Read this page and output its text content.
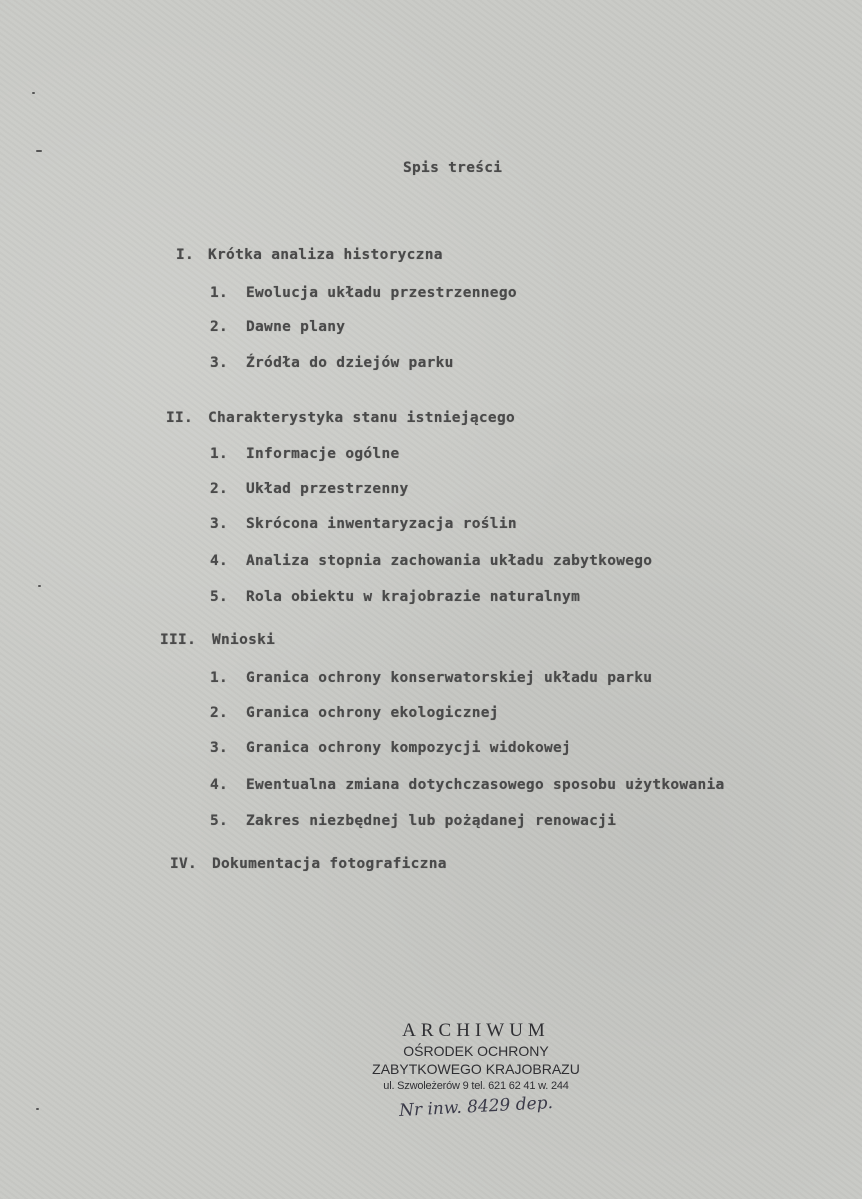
Spis treści
I. Krótka analiza historyczna
1. Ewolucja układu przestrzennego
2. Dawne plany
3. Źródła do dziejów parku
II. Charakterystyka stanu istniejącego
1. Informacje ogólne
2. Układ przestrzenny
3. Skrócona inwentaryzacja roślin
4. Analiza stopnia zachowania układu zabytkowego
5. Rola obiektu w krajobrazie naturalnym
III. Wnioski
1. Granica ochrony konserwatorskiej układu parku
2. Granica ochrony ekologicznej
3. Granica ochrony kompozycji widokowej
4. Ewentualna zmiana dotychczasowego sposobu użytkowania
5. Zakres niezbędnej lub pożądanej renowacji
IV. Dokumentacja fotograficzna
ARCHIWUM
OŚRODEK OCHRONY
ZABYTKOWEGO KRAJOBRAZU
ul. Szwoleżerów 9 tel. 621 62 41 w. 244
Nr inw. 8429 dep.
